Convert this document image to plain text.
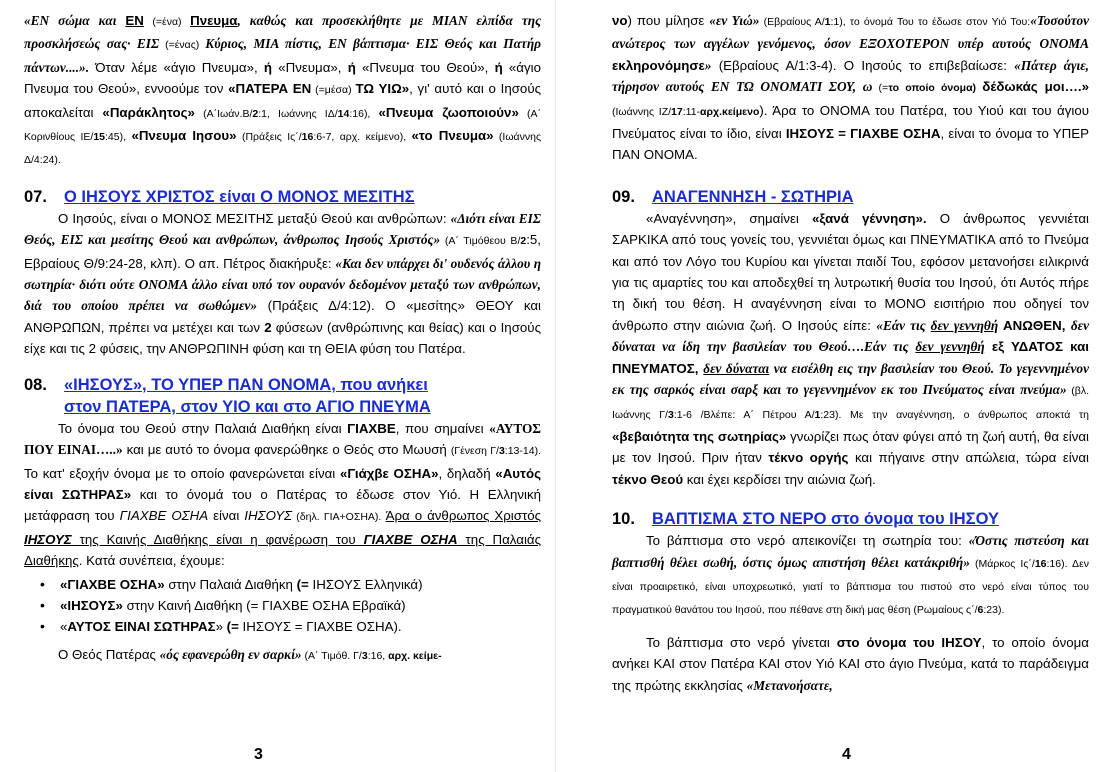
«ΕΝ σώμα και ΕΝ (=ένα) Πνευμα, καθώς και προσεκλήθητε με ΜΙΑΝ ελπίδα της προσκλήσεώς σας· ΕΙΣ (=ένας) Κύριος, ΜΙΑ πίστις, ΕΝ βάπτισμα· ΕΙΣ Θεός και Πατήρ πάντων....». Όταν λέμε «άγιο Πνευμα», ή «Πνευμα», ή «Πνευμα του Θεού», ή «άγιο Πνευμα του Θεού», εννοούμε τον «ΠΑΤΕΡΑ ΕΝ (=μέσα) ΤΩ ΥΙΩ», γι' αυτό και ο Ιησούς αποκαλείται «Παράκλητος» (Α΄Ιωάν.Β/2:1, Ιωάννης ΙΔ/14:16), «Πνευμα ζωοποιούν» (Α΄ Κορινθίους ΙΕ/15:45), «Πνευμα Ιησου» (Πράξεις Ις΄/16:6-7, αρχ. κείμενο), «το Πνευμα» (Ιωάννης Δ/4:24).

07.	Ο ΙΗΣΟΥΣ ΧΡΙΣΤΟΣ είναι Ο ΜΟΝΟΣ ΜΕΣΙΤΗΣ

Ο Ιησούς, είναι ο ΜΟΝΟΣ ΜΕΣΙΤΗΣ μεταξύ Θεού και ανθρώπων: «Διότι είναι ΕΙΣ Θεός, ΕΙΣ και μεσίτης Θεού και ανθρώπων, άνθρωπος Ιησούς Χριστός» (Α΄ Τιμόθεου Β/2:5, Εβραίους Θ/9:24-28, κλπ). Ο απ. Πέτρος διακήρυξε: «Και δεν υπάρχει δι' ουδενός άλλου η σωτηρία· διότι ούτε ΟΝΟΜΑ άλλο είναι υπό τον ουρανόν δεδομένον μεταξύ των ανθρώπων, διά του οποίου πρέπει να σωθώμεν» (Πράξεις Δ/4:12). Ο «μεσίτης» ΘΕΟΥ και ΑΝΘΡΩΠΩΝ, πρέπει να μετέχει και των 2 φύσεων (ανθρώπινης και θείας) και ο Ιησούς είχε και τις 2 φύσεις, την ΑΝΘΡΩΠΙΝΗ φύση και τη ΘΕΙΑ φύση του Πατέρα.

08.	«ΙΗΣΟΥΣ», ΤΟ ΥΠΕΡ ΠΑΝ ΟΝΟΜΑ, που ανήκει
στον ΠΑΤΕΡΑ, στον ΥΙΟ και στο ΑΓΙΟ ΠΝΕΥΜΑ

Το όνομα του Θεού στην Παλαιά Διαθήκη είναι ΓΙΑΧΒΕ, που σημαίνει «ΑΥΤΟΣ ΠΟΥ ΕΙΝΑΙ…..» και με αυτό το όνομα φανερώθηκε ο Θεός στο Μωυσή (Γένεση Γ/3:13-14). Το κατ' εξοχήν όνομα με το οποίο φανερώνεται είναι «Γιάχβε ΟΣΗΑ», δηλαδή «Αυτός είναι ΣΩΤΗΡΑΣ» και το όνομά του ο Πατέρας το έδωσε στον Υιό. Η Ελληνική μετάφραση του ΓΙΑΧΒΕ ΟΣΗΑ είναι ΙΗΣΟΥΣ (δηλ. ΓΙΑ+ΟΣΗΑ). Άρα ο άνθρωπος Χριστός ΙΗΣΟΥΣ της Καινής Διαθήκης είναι η φανέρωση του ΓΙΑΧΒΕ ΟΣΗΑ της Παλαιάς Διαθήκης. Κατά συνέπεια, έχουμε:

• «ΓΙΑΧΒΕ ΟΣΗΑ» στην Παλαιά Διαθήκη (= ΙΗΣΟΥΣ Ελληνικά)
• «ΙΗΣΟΥΣ» στην Καινή Διαθήκη (= ΓΙΑΧΒΕ ΟΣΗΑ Εβραϊκά)
• «ΑΥΤΟΣ ΕΙΝΑΙ ΣΩΤΗΡΑΣ» (= ΙΗΣΟΥΣ = ΓΙΑΧΒΕ ΟΣΗΑ).

Ο Θεός Πατέρας «ός εφανερώθη εν σαρκί» (Α΄ Τιμόθ. Γ/3:16, αρχ. κείμε-

3

νο) που μίλησε «εν Υιώ» (Εβραίους Α/1:1), το όνομά Του το έδωσε στον Υιό Του:«Τοσούτον ανώτερος των αγγέλων γενόμενος, όσον ΕΞΟΧΟΤΕΡΟΝ υπέρ αυτούς ΟΝΟΜΑ εκληρονόμησε» (Εβραίους Α/1:3-4). Ο Ιησούς το επιβεβαίωσε: «Πάτερ άγιε, τήρησον αυτούς ΕΝ ΤΩ ΟΝΟΜΑΤΙ ΣΟΥ, ω (=το οποίο όνομα) δέδωκάς μοι….» (Ιωάννης ΙΖ/17:11-αρχ.κείμενο). Άρα το ΟΝΟΜΑ του Πατέρα, του Υιού και του άγιου Πνεύματος είναι το ίδιο, είναι ΙΗΣΟΥΣ = ΓΙΑΧΒΕ ΟΣΗΑ, είναι το όνομα το ΥΠΕΡ ΠΑΝ ΟΝΟΜΑ.

09.	ΑΝΑΓΕΝΝΗΣΗ - ΣΩΤΗΡΙΑ

«Αναγέννηση», σημαίνει «ξανά γέννηση». Ο άνθρωπος γεννιέται ΣΑΡΚΙΚΑ από τους γονείς του, γεννιέται όμως και ΠΝΕΥΜΑΤΙΚΑ από το Πνεύμα και από τον Λόγο του Κυρίου και γίνεται παιδί Του, εφόσον μετανοήσει ειλικρινά για τις αμαρτίες του και αποδεχθεί τη λυτρωτική θυσία του Ιησού, ότι Αυτός πήρε τη δική του θέση. Η αναγέννηση είναι το ΜΟΝΟ εισιτήριο που οδηγεί τον άνθρωπο στην αιώνια ζωή. Ο Ιησούς είπε: «Εάν τις δεν γεννηθή ΑΝΩΘΕΝ, δεν δύναται να ίδη την βασιλείαν του Θεού….Εάν τις δεν γεννηθή εξ ΥΔΑΤΟΣ και ΠΝΕΥΜΑΤΟΣ, δεν δύναται να εισέλθη εις την βασιλείαν του Θεού. Το γεγεννημένον εκ της σαρκός είναι σαρξ και το γεγεννημένον εκ του Πνεύματος είναι πνεύμα» (βλ. Ιωάννης Γ/3:1-6 /Βλέπε: Α΄ Πέτρου Α/1:23). Με την αναγέννηση, ο άνθρωπος αποκτά τη «βεβαιότητα της σωτηρίας» γνωρίζει πως όταν φύγει από τη ζωή αυτή, θα είναι με τον Ιησού. Πριν ήταν τέκνο οργής και πήγαινε στην απώλεια, τώρα είναι τέκνο Θεού και έχει κερδίσει την αιώνια ζωή.

10.	ΒΑΠΤΙΣΜΑ ΣΤΟ ΝΕΡΟ στο όνομα του ΙΗΣΟΥ

Το βάπτισμα στο νερό απεικονίζει τη σωτηρία του: «Όστις πιστεύση και βαπτισθή θέλει σωθή, όστις όμως απιστήση θέλει κατάκριθή» (Μάρκος Ις΄/16:16). Δεν είναι προαιρετικό, είναι υποχρεωτικό, γιατί το βάπτισμα του πιστού στο νερό είναι τύπος του πραγματικού θανάτου του Ιησού, που πέθανε στη δική μας θέση (Ρωμαίους ς΄/6:23).

Το βάπτισμα στο νερό γίνεται στο όνομα του ΙΗΣΟΥ, το οποίο όνομα ανήκει ΚΑΙ στον Πατέρα ΚΑΙ στον Υιό ΚΑΙ στο άγιο Πνεύμα, κατά το παράδειγμα της πρώτης εκκλησίας «Μετανοήσατε,

4
